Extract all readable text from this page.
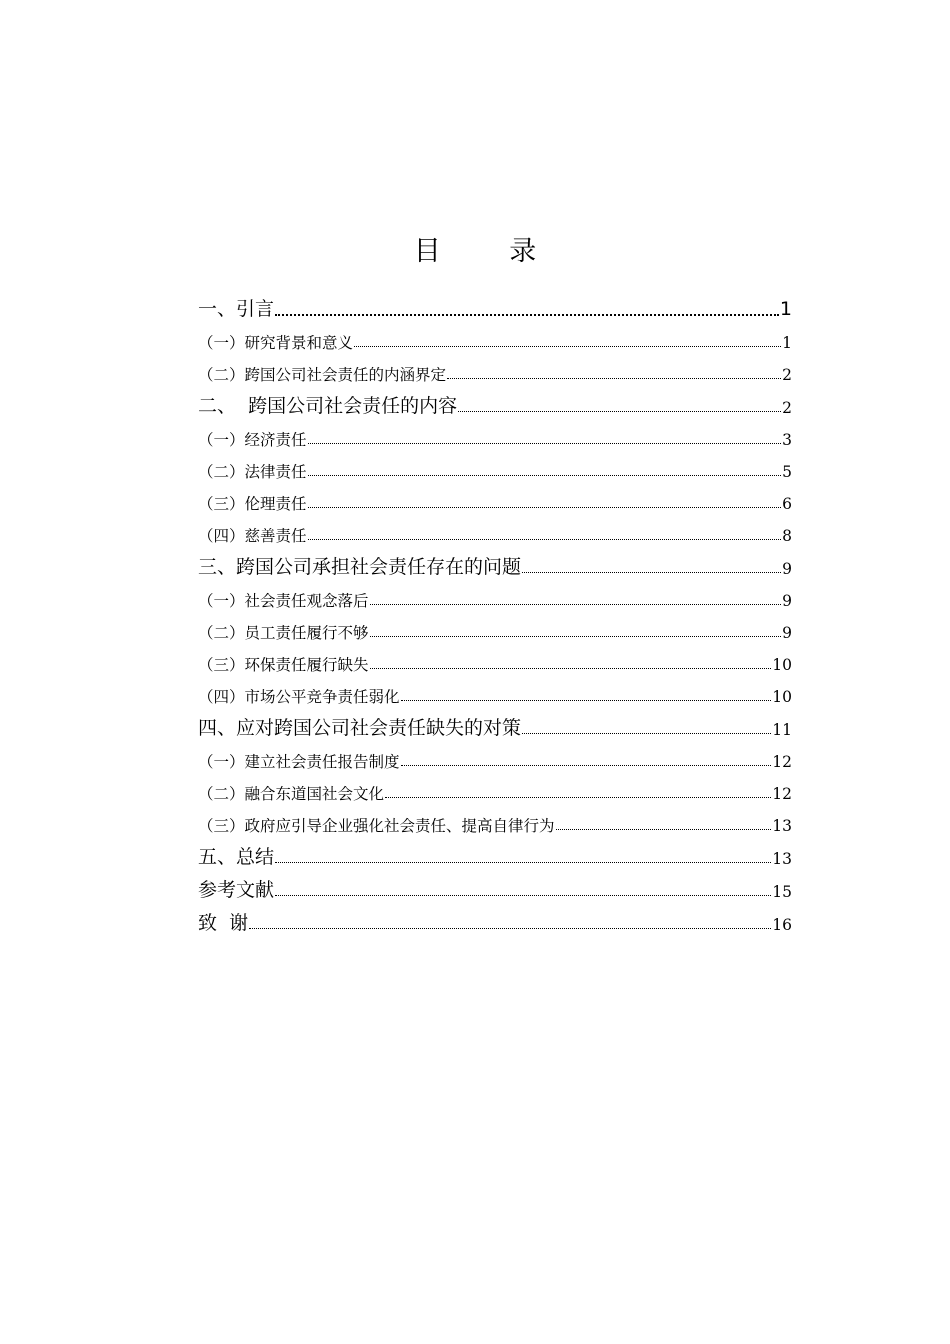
目 录
一、引言	1
（一）研究背景和意义	1
（二）跨国公司社会责任的内涵界定	2
二、  跨国公司社会责任的内容	2
（一）经济责任	3
（二）法律责任	5
（三）伦理责任	6
（四）慈善责任	8
三、跨国公司承担社会责任存在的问题	9
（一）社会责任观念落后	9
（二）员工责任履行不够	9
（三）环保责任履行缺失	10
（四）市场公平竞争责任弱化	10
四、应对跨国公司社会责任缺失的对策	11
（一）建立社会责任报告制度	12
（二）融合东道国社会文化	12
（三）政府应引导企业强化社会责任、提高自律行为	13
五、总结	13
参考文献	15
致  谢	16
